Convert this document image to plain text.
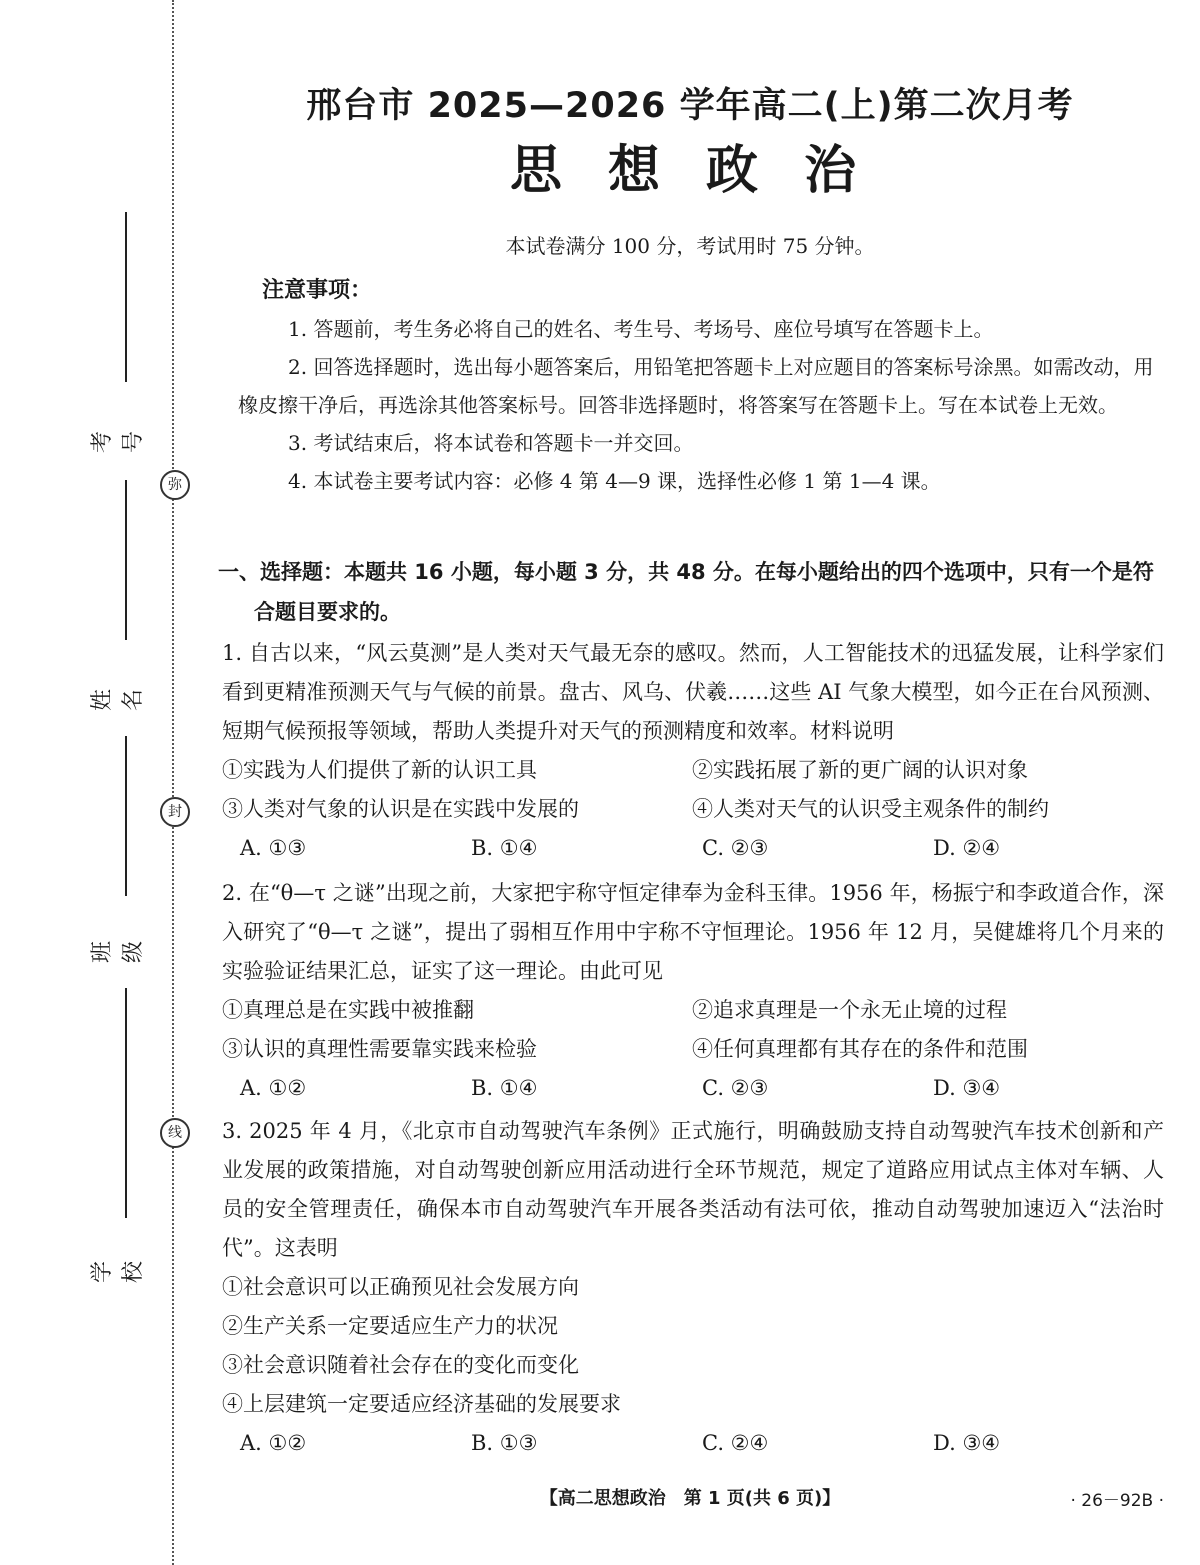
考号
姓名
班级
学校
弥
封
线
邢台市 2025—2026 学年高二(上)第二次月考
思 想 政 治
本试卷满分 100 分，考试用时 75 分钟。
注意事项：
1. 答题前，考生务必将自己的姓名、考生号、考场号、座位号填写在答题卡上。
2. 回答选择题时，选出每小题答案后，用铅笔把答题卡上对应题目的答案标号涂黑。如需改动，用橡皮擦干净后，再选涂其他答案标号。回答非选择题时，将答案写在答题卡上。写在本试卷上无效。
3. 考试结束后，将本试卷和答题卡一并交回。
4. 本试卷主要考试内容：必修 4 第 4—9 课，选择性必修 1 第 1—4 课。
一、选择题：本题共 16 小题，每小题 3 分，共 48 分。在每小题给出的四个选项中，只有一个是符
合题目要求的。
1. 自古以来，“风云莫测”是人类对天气最无奈的感叹。然而，人工智能技术的迅猛发展，让科学家们看到更精准预测天气与气候的前景。盘古、风乌、伏羲……这些 AI 气象大模型，如今正在台风预测、短期气候预报等领域，帮助人类提升对天气的预测精度和效率。材料说明
①实践为人们提供了新的认识工具	②实践拓展了新的更广阔的认识对象
③人类对气象的认识是在实践中发展的	④人类对天气的认识受主观条件的制约
A. ①③	B. ①④	C. ②③	D. ②④
2. 在“θ—τ 之谜”出现之前，大家把宇称守恒定律奉为金科玉律。1956 年，杨振宁和李政道合作，深入研究了“θ—τ 之谜”，提出了弱相互作用中宇称不守恒理论。1956 年 12 月，吴健雄将几个月来的实验验证结果汇总，证实了这一理论。由此可见
①真理总是在实践中被推翻	②追求真理是一个永无止境的过程
③认识的真理性需要靠实践来检验	④任何真理都有其存在的条件和范围
A. ①②	B. ①④	C. ②③	D. ③④
3. 2025 年 4 月，《北京市自动驾驶汽车条例》正式施行，明确鼓励支持自动驾驶汽车技术创新和产业发展的政策措施，对自动驾驶创新应用活动进行全环节规范，规定了道路应用试点主体对车辆、人员的安全管理责任，确保本市自动驾驶汽车开展各类活动有法可依，推动自动驾驶加速迈入“法治时代”。这表明
①社会意识可以正确预见社会发展方向
②生产关系一定要适应生产力的状况
③社会意识随着社会存在的变化而变化
④上层建筑一定要适应经济基础的发展要求
A. ①②	B. ①③	C. ②④	D. ③④
【高二思想政治　第 1 页(共 6 页)】	· 26－92B ·
